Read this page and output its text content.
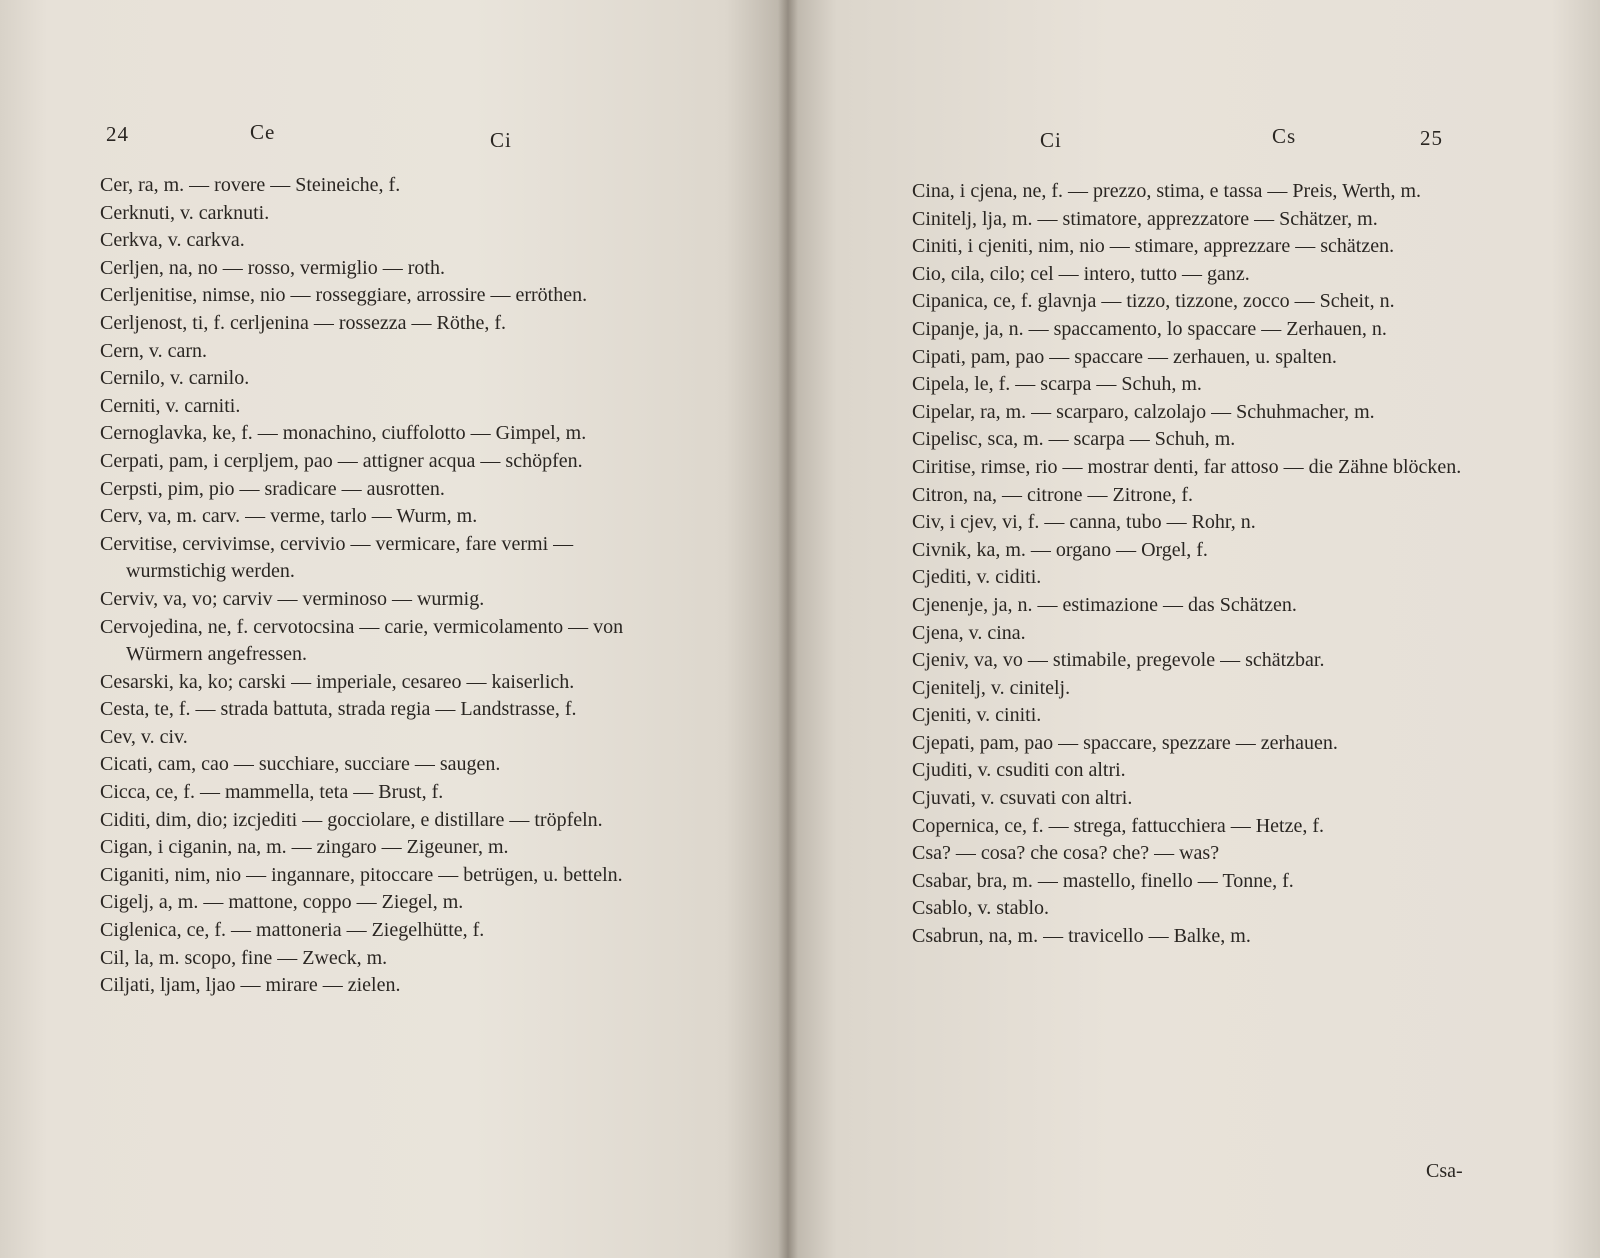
24	Ce	Ci

Cer, ra, m. — rovere — Steineiche, f.

Cerknuti, v. carknuti.

Cerkva, v. carkva.

Cerljen, na, no — rosso, vermiglio — roth.

Cerljenitise, nimse, nio — rosseggiare, arrossire — erröthen.

Cerljenost, ti, f. cerljenina — rossezza — Röthe, f.

Cern, v. carn.

Cernilo, v. carnilo.

Cerniti, v. carniti.

Cernoglavka, ke, f. — monachino, ciuffolotto — Gimpel, m.

Cerpati, pam, i cerpljem, pao — attigner acqua — schöpfen.

Cerpsti, pim, pio — sradicare — ausrotten.

Cerv, va, m. carv. — verme, tarlo — Wurm, m.

Cervitise, cervivimse, cervivio — vermicare, fare vermi — wurmstichig werden.

Cerviv, va, vo; carviv — verminoso — wurmig.

Cervojedina, ne, f. cervotocsina — carie, vermicolamento — von Würmern angefressen.

Cesarski, ka, ko; carski — imperiale, cesareo — kaiserlich.

Cesta, te, f. — strada battuta, strada regia — Landstrasse, f.

Cev, v. civ.

Cicati, cam, cao — succhiare, succiare — saugen.

Cicca, ce, f. — mammella, teta — Brust, f.

Ciditi, dim, dio; izcjediti — gocciolare, e distillare — tröpfeln.

Cigan, i ciganin, na, m. — zingaro — Zigeuner, m.

Ciganiti, nim, nio — ingannare, pitoccare — betrügen, u. betteln.

Cigelj, a, m. — mattone, coppo — Ziegel, m.

Ciglenica, ce, f. — mattoneria — Ziegelhütte, f.

Cil, la, m. scopo, fine — Zweck, m.

Ciljati, ljam, ljao — mirare — zielen.

Ci	Cs	25

Cina, i cjena, ne, f. — prezzo, stima, e tassa — Preis, Werth, m.

Cinitelj, lja, m. — stimatore, apprezzatore — Schätzer, m.

Ciniti, i cjeniti, nim, nio — stimare, apprezzare — schätzen.

Cio, cila, cilo; cel — intero, tutto — ganz.

Cipanica, ce, f. glavnja — tizzo, tizzone, zocco — Scheit, n.

Cipanje, ja, n. — spaccamento, lo spaccare — Zerhauen, n.

Cipati, pam, pao — spaccare — zerhauen, u. spalten.

Cipela, le, f. — scarpa — Schuh, m.

Cipelar, ra, m. — scarparo, calzolajo — Schuhmacher, m.

Cipelisc, sca, m. — scarpa — Schuh, m.

Ciritise, rimse, rio — mostrar denti, far attoso — die Zähne blöcken.

Citron, na, — citrone — Zitrone, f.

Civ, i cjev, vi, f. — canna, tubo — Rohr, n.

Civnik, ka, m. — organo — Orgel, f.

Cjediti, v. ciditi.

Cjenenje, ja, n. — estimazione — das Schätzen.

Cjena, v. cina.

Cjeniv, va, vo — stimabile, pregevole — schätzbar.

Cjenitelj, v. cinitelj.

Cjeniti, v. ciniti.

Cjepati, pam, pao — spaccare, spezzare — zerhauen.

Cjuditi, v. csuditi con altri.

Cjuvati, v. csuvati con altri.

Copernica, ce, f. — strega, fattucchiera — Hetze, f.

Csa? — cosa? che cosa? che? — was?

Csabar, bra, m. — mastello, finello — Tonne, f.

Csablo, v. stablo.

Csabrun, na, m. — travicello — Balke, m.

Csa-
